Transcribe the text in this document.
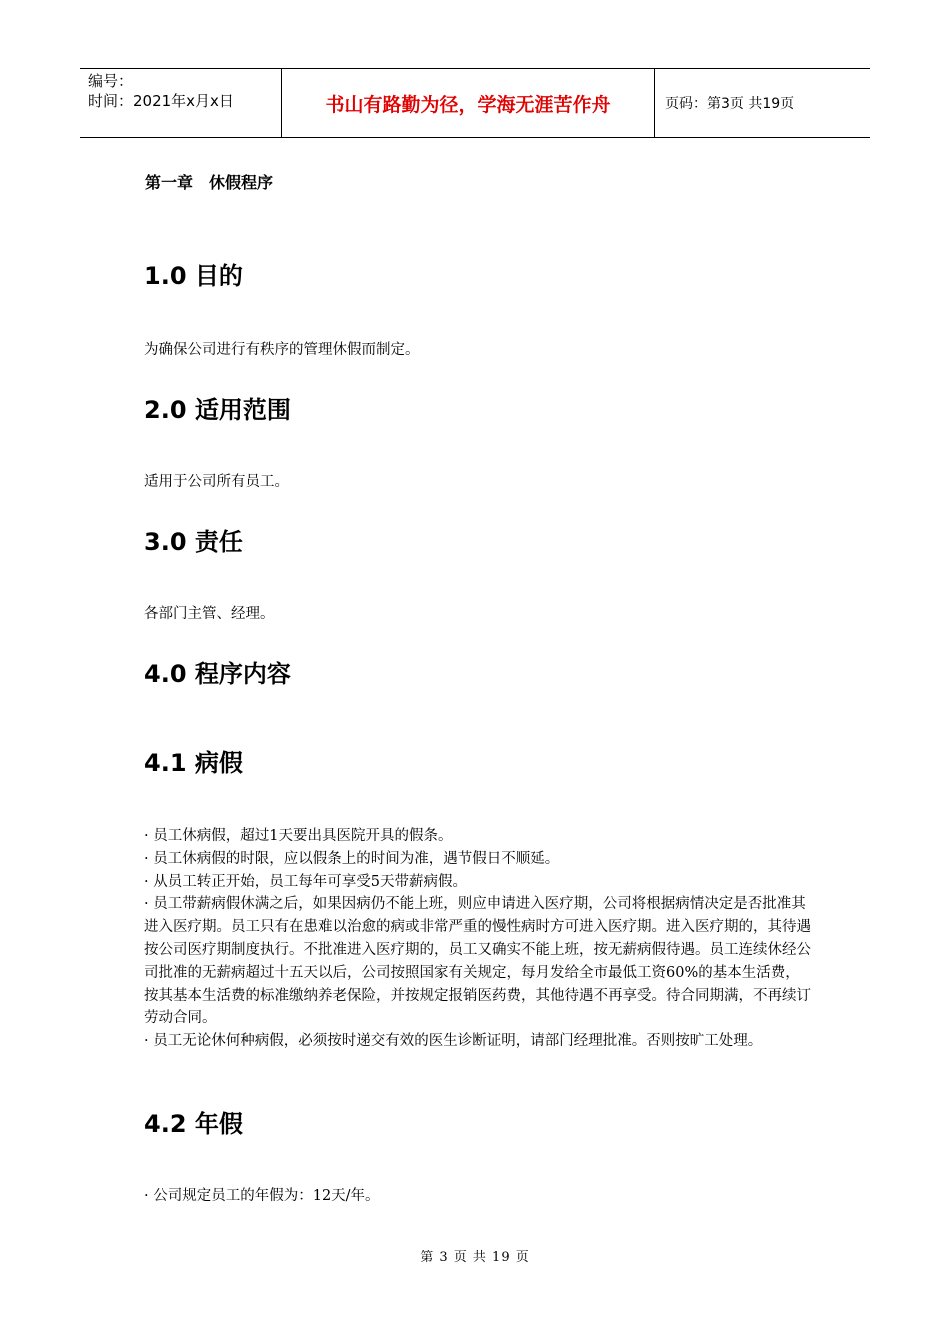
编号：
时间：2021年x月x日	书山有路勤为径，学海无涯苦作舟	页码：第3页 共19页
第一章　休假程序
1.0 目的
为确保公司进行有秩序的管理休假而制定。
2.0 适用范围
适用于公司所有员工。
3.0 责任
各部门主管、经理。
4.0 程序内容
4.1 病假
· 员工休病假，超过1天要出具医院开具的假条。
· 员工休病假的时限，应以假条上的时间为准，遇节假日不顺延。
· 从员工转正开始，员工每年可享受5天带薪病假。
· 员工带薪病假休满之后，如果因病仍不能上班，则应申请进入医疗期，公司将根据病情决定是否批准其进入医疗期。员工只有在患难以治愈的病或非常严重的慢性病时方可进入医疗期。进入医疗期的，其待遇按公司医疗期制度执行。不批准进入医疗期的，员工又确实不能上班，按无薪病假待遇。员工连续休经公司批准的无薪病超过十五天以后，公司按照国家有关规定，每月发给全市最低工资60%的基本生活费，按其基本生活费的标准缴纳养老保险，并按规定报销医药费，其他待遇不再享受。待合同期满，不再续订劳动合同。
· 员工无论休何种病假，必须按时递交有效的医生诊断证明，请部门经理批准。否则按旷工处理。
4.2 年假
· 公司规定员工的年假为：12天/年。
第 3 页 共 19 页
